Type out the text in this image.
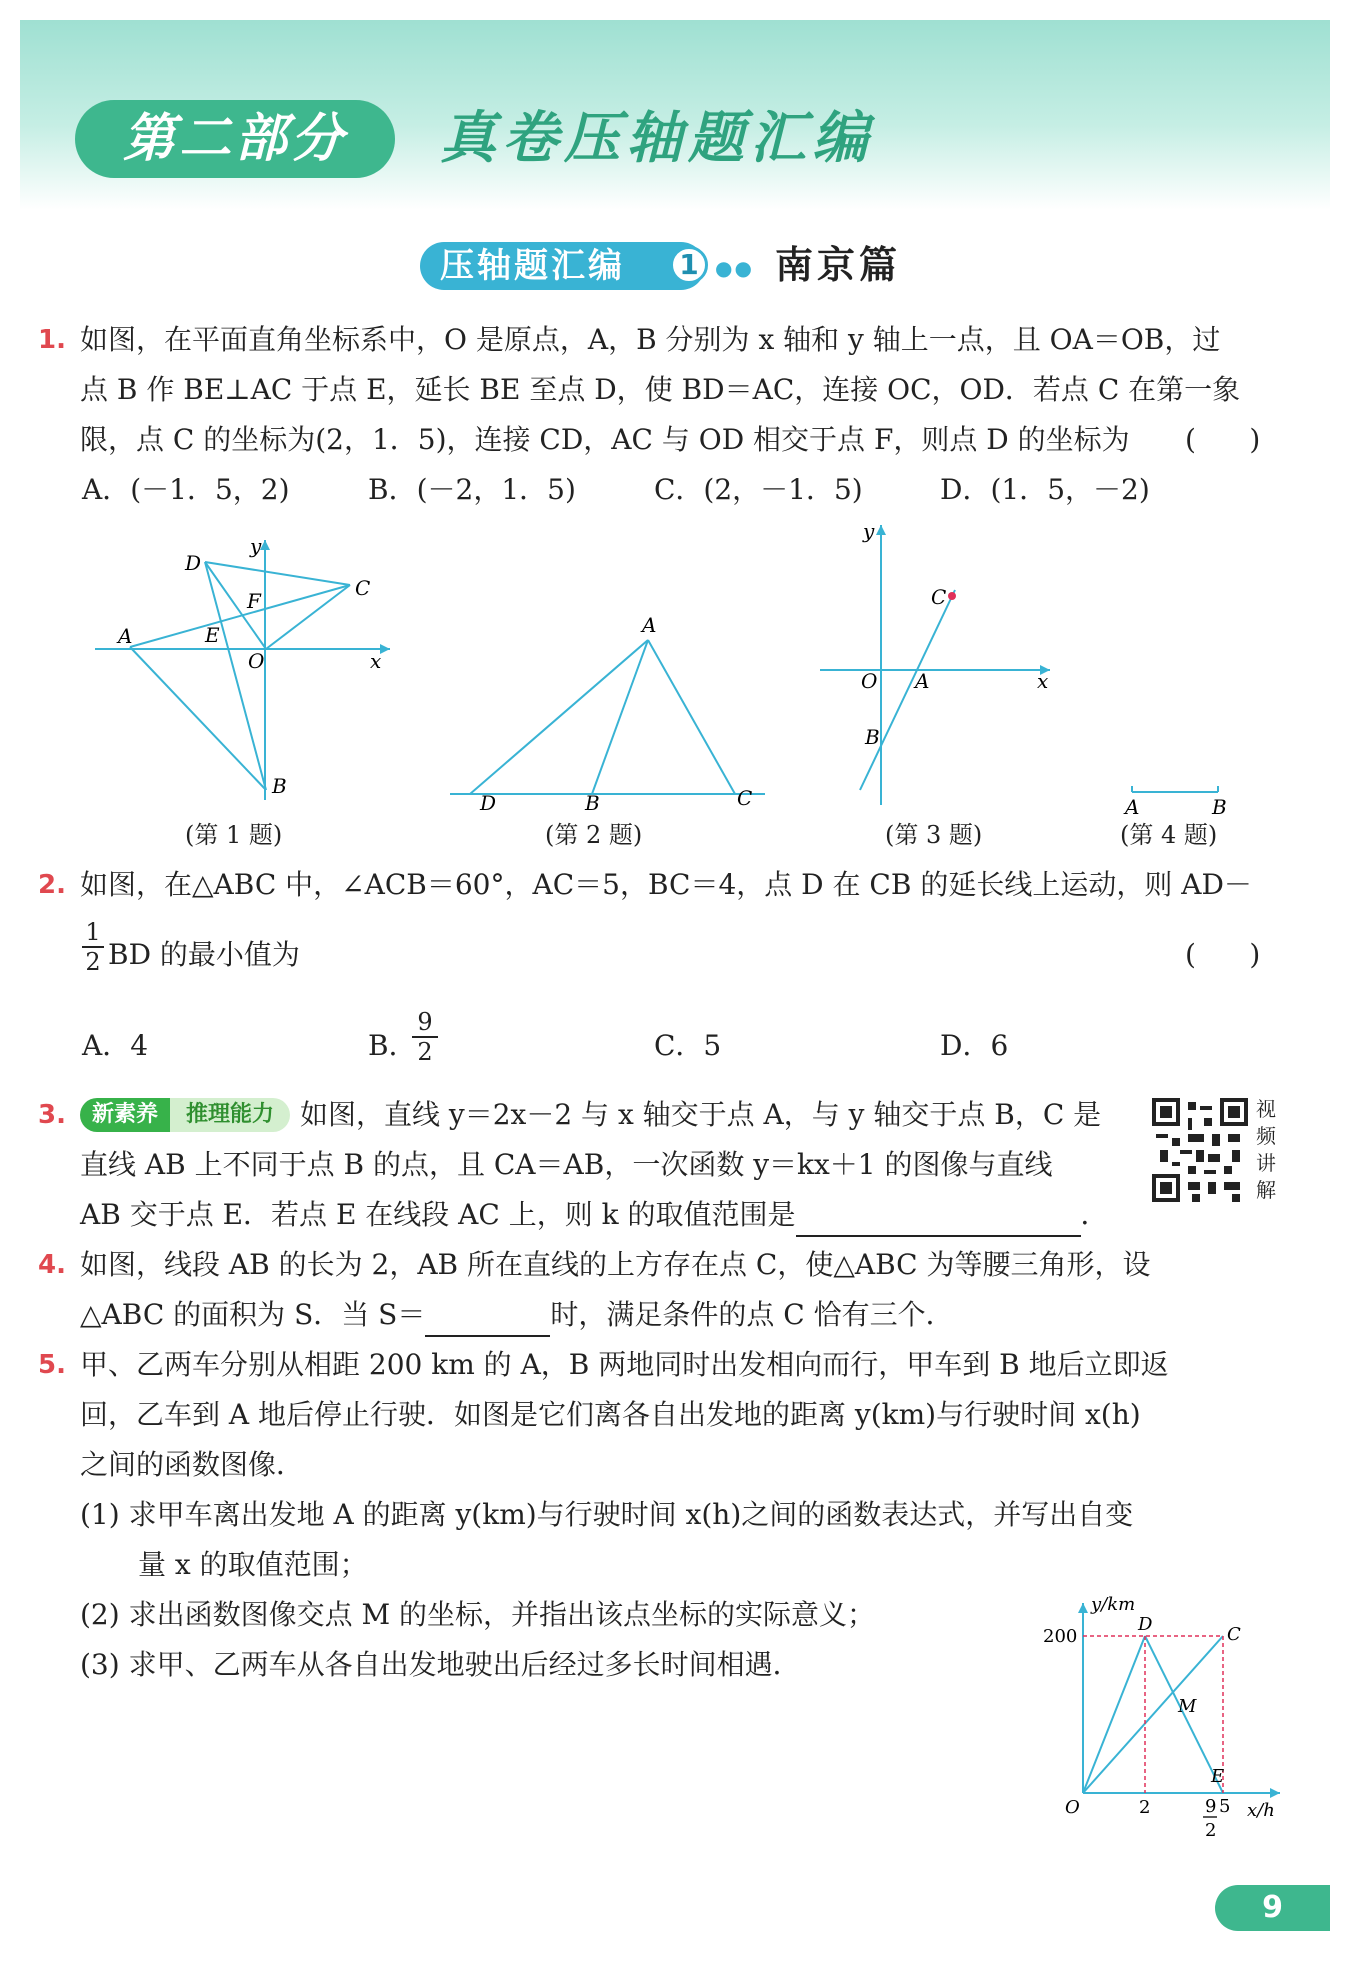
第二部分	真卷压轴题汇编
压轴题汇编	1 ●● 南京篇
1. 如图，在平面直角坐标系中，O 是原点，A，B 分别为 x 轴和 y 轴上一点，且 OA＝OB，过
点 B 作 BE⊥AC 于点 E，延长 BE 至点 D，使 BD＝AC，连接 OC，OD．若点 C 在第一象
限，点 C 的坐标为(2，1．5)，连接 CD，AC 与 OD 相交于点 F，则点 D 的坐标为	(      )
A．(－1．5，2)	B．(－2，1．5)	C．(2，－1．5)	D．(1．5，－2)
D
y
C
F
A	E
O	x
B
(第 1 题)
A
D	B	C
(第 2 题)
y
C
O A	x
B
(第 3 题)
A	B
(第 4 题)
2. 如图，在△ABC 中，∠ACB＝60°，AC＝5，BC＝4，点 D 在 CB 的延长线上运动，则 AD－
$\frac{1}{2}$ BD 的最小值为	(      )
A．4	B．
$\frac{9}{2}$	C．5	D．6
3.	新素养	推理能力 如图，直线 y＝2x－2 与 x 轴交于点 A，与 y 轴交于点 B，C 是
直线 AB 上不同于点 B 的点，且 CA＝AB，一次函数 y＝kx＋1 的图像与直线
AB 交于点 E．若点 E 在线段 AC 上，则 k 的取值范围是	．
视
频
讲
解
4. 如图，线段 AB 的长为 2，AB 所在直线的上方存在点 C，使△ABC 为等腰三角形，设
△ABC 的面积为 S．当 S＝	时，满足条件的点 C 恰有三个．
5. 甲、乙两车分别从相距 200 km 的 A，B 两地同时出发相向而行，甲车到 B 地后立即返
回，乙车到 A 地后停止行驶．如图是它们离各自出发地的距离 y(km)与行驶时间 x(h)
之间的函数图像．
(1) 求甲车离出发地 A 的距离 y(km)与行驶时间 x(h)之间的函数表达式，并写出自变
量 x 的取值范围；
(2) 求出函数图像交点 M 的坐标，并指出该点坐标的实际意义；
(3) 求甲、乙两车从各自出发地驶出后经过多长时间相遇．
y/km
D
200	C
M
E
O	2	9
2
5 x/h
9
